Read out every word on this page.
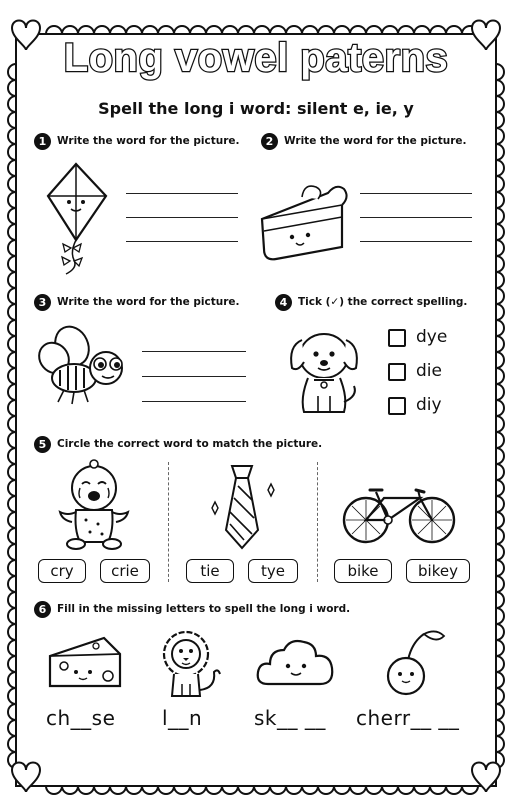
Long vowel paterns
Spell the long i word: silent e, ie, y
1	Write the word for the picture.	2	Write the word for the picture.
3	Write the word for the picture.	4	Tick (✓) the correct spelling.
dye
die
diy
5	Circle the correct word to match the picture.
cry	crie	tie	tye	bike	bikey
6	Fill in the missing letters to spell the long i word.
ch__se l__n	sk__ __ cherr__ __
